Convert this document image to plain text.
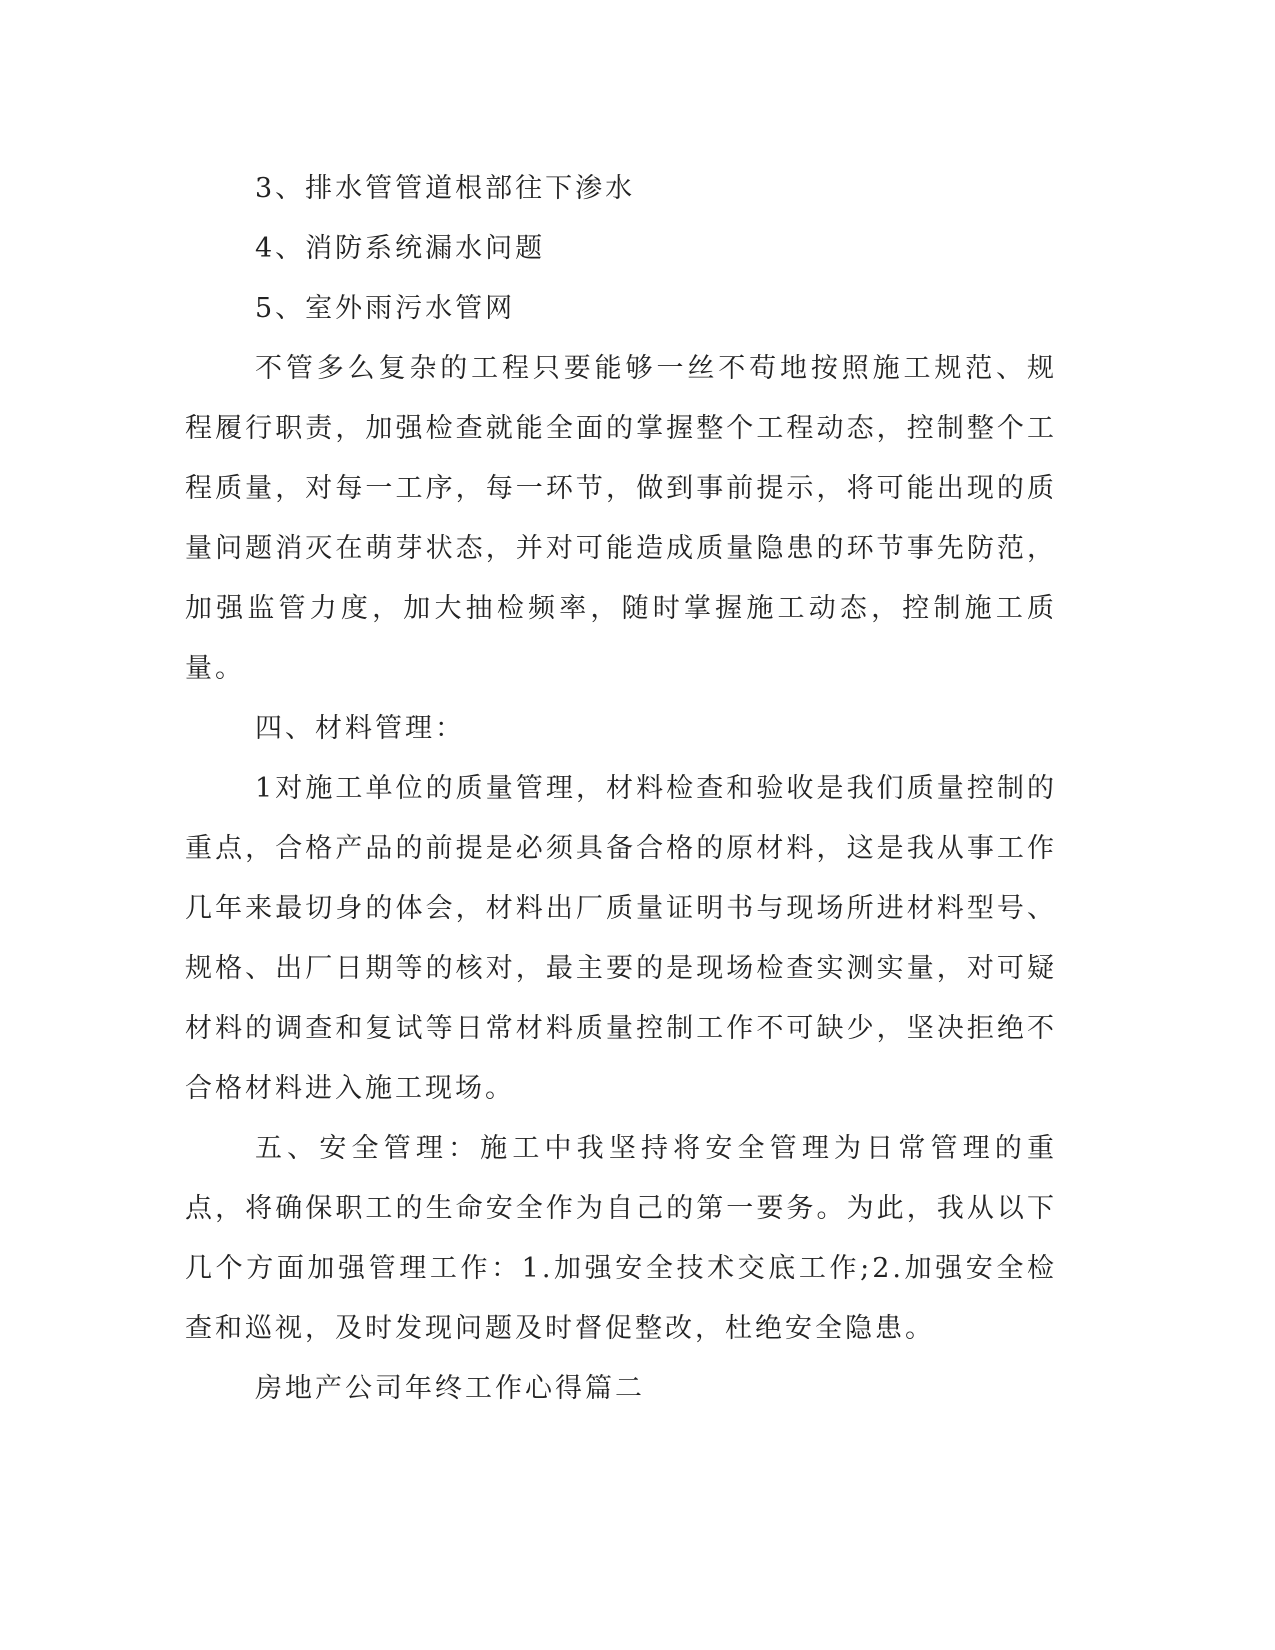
3、排水管管道根部往下渗水

4、消防系统漏水问题

5、室外雨污水管网

不管多么复杂的工程只要能够一丝不苟地按照施工规范、规程履行职责，加强检查就能全面的掌握整个工程动态，控制整个工程质量，对每一工序，每一环节，做到事前提示，将可能出现的质量问题消灭在萌芽状态，并对可能造成质量隐患的环节事先防范，加强监管力度，加大抽检频率，随时掌握施工动态，控制施工质量。

四、材料管理：

1对施工单位的质量管理，材料检查和验收是我们质量控制的重点，合格产品的前提是必须具备合格的原材料，这是我从事工作几年来最切身的体会，材料出厂质量证明书与现场所进材料型号、规格、出厂日期等的核对，最主要的是现场检查实测实量，对可疑材料的调查和复试等日常材料质量控制工作不可缺少，坚决拒绝不合格材料进入施工现场。

五、安全管理：施工中我坚持将安全管理为日常管理的重点，将确保职工的生命安全作为自己的第一要务。为此，我从以下几个方面加强管理工作：1.加强安全技术交底工作;2.加强安全检查和巡视，及时发现问题及时督促整改，杜绝安全隐患。

房地产公司年终工作心得篇二
